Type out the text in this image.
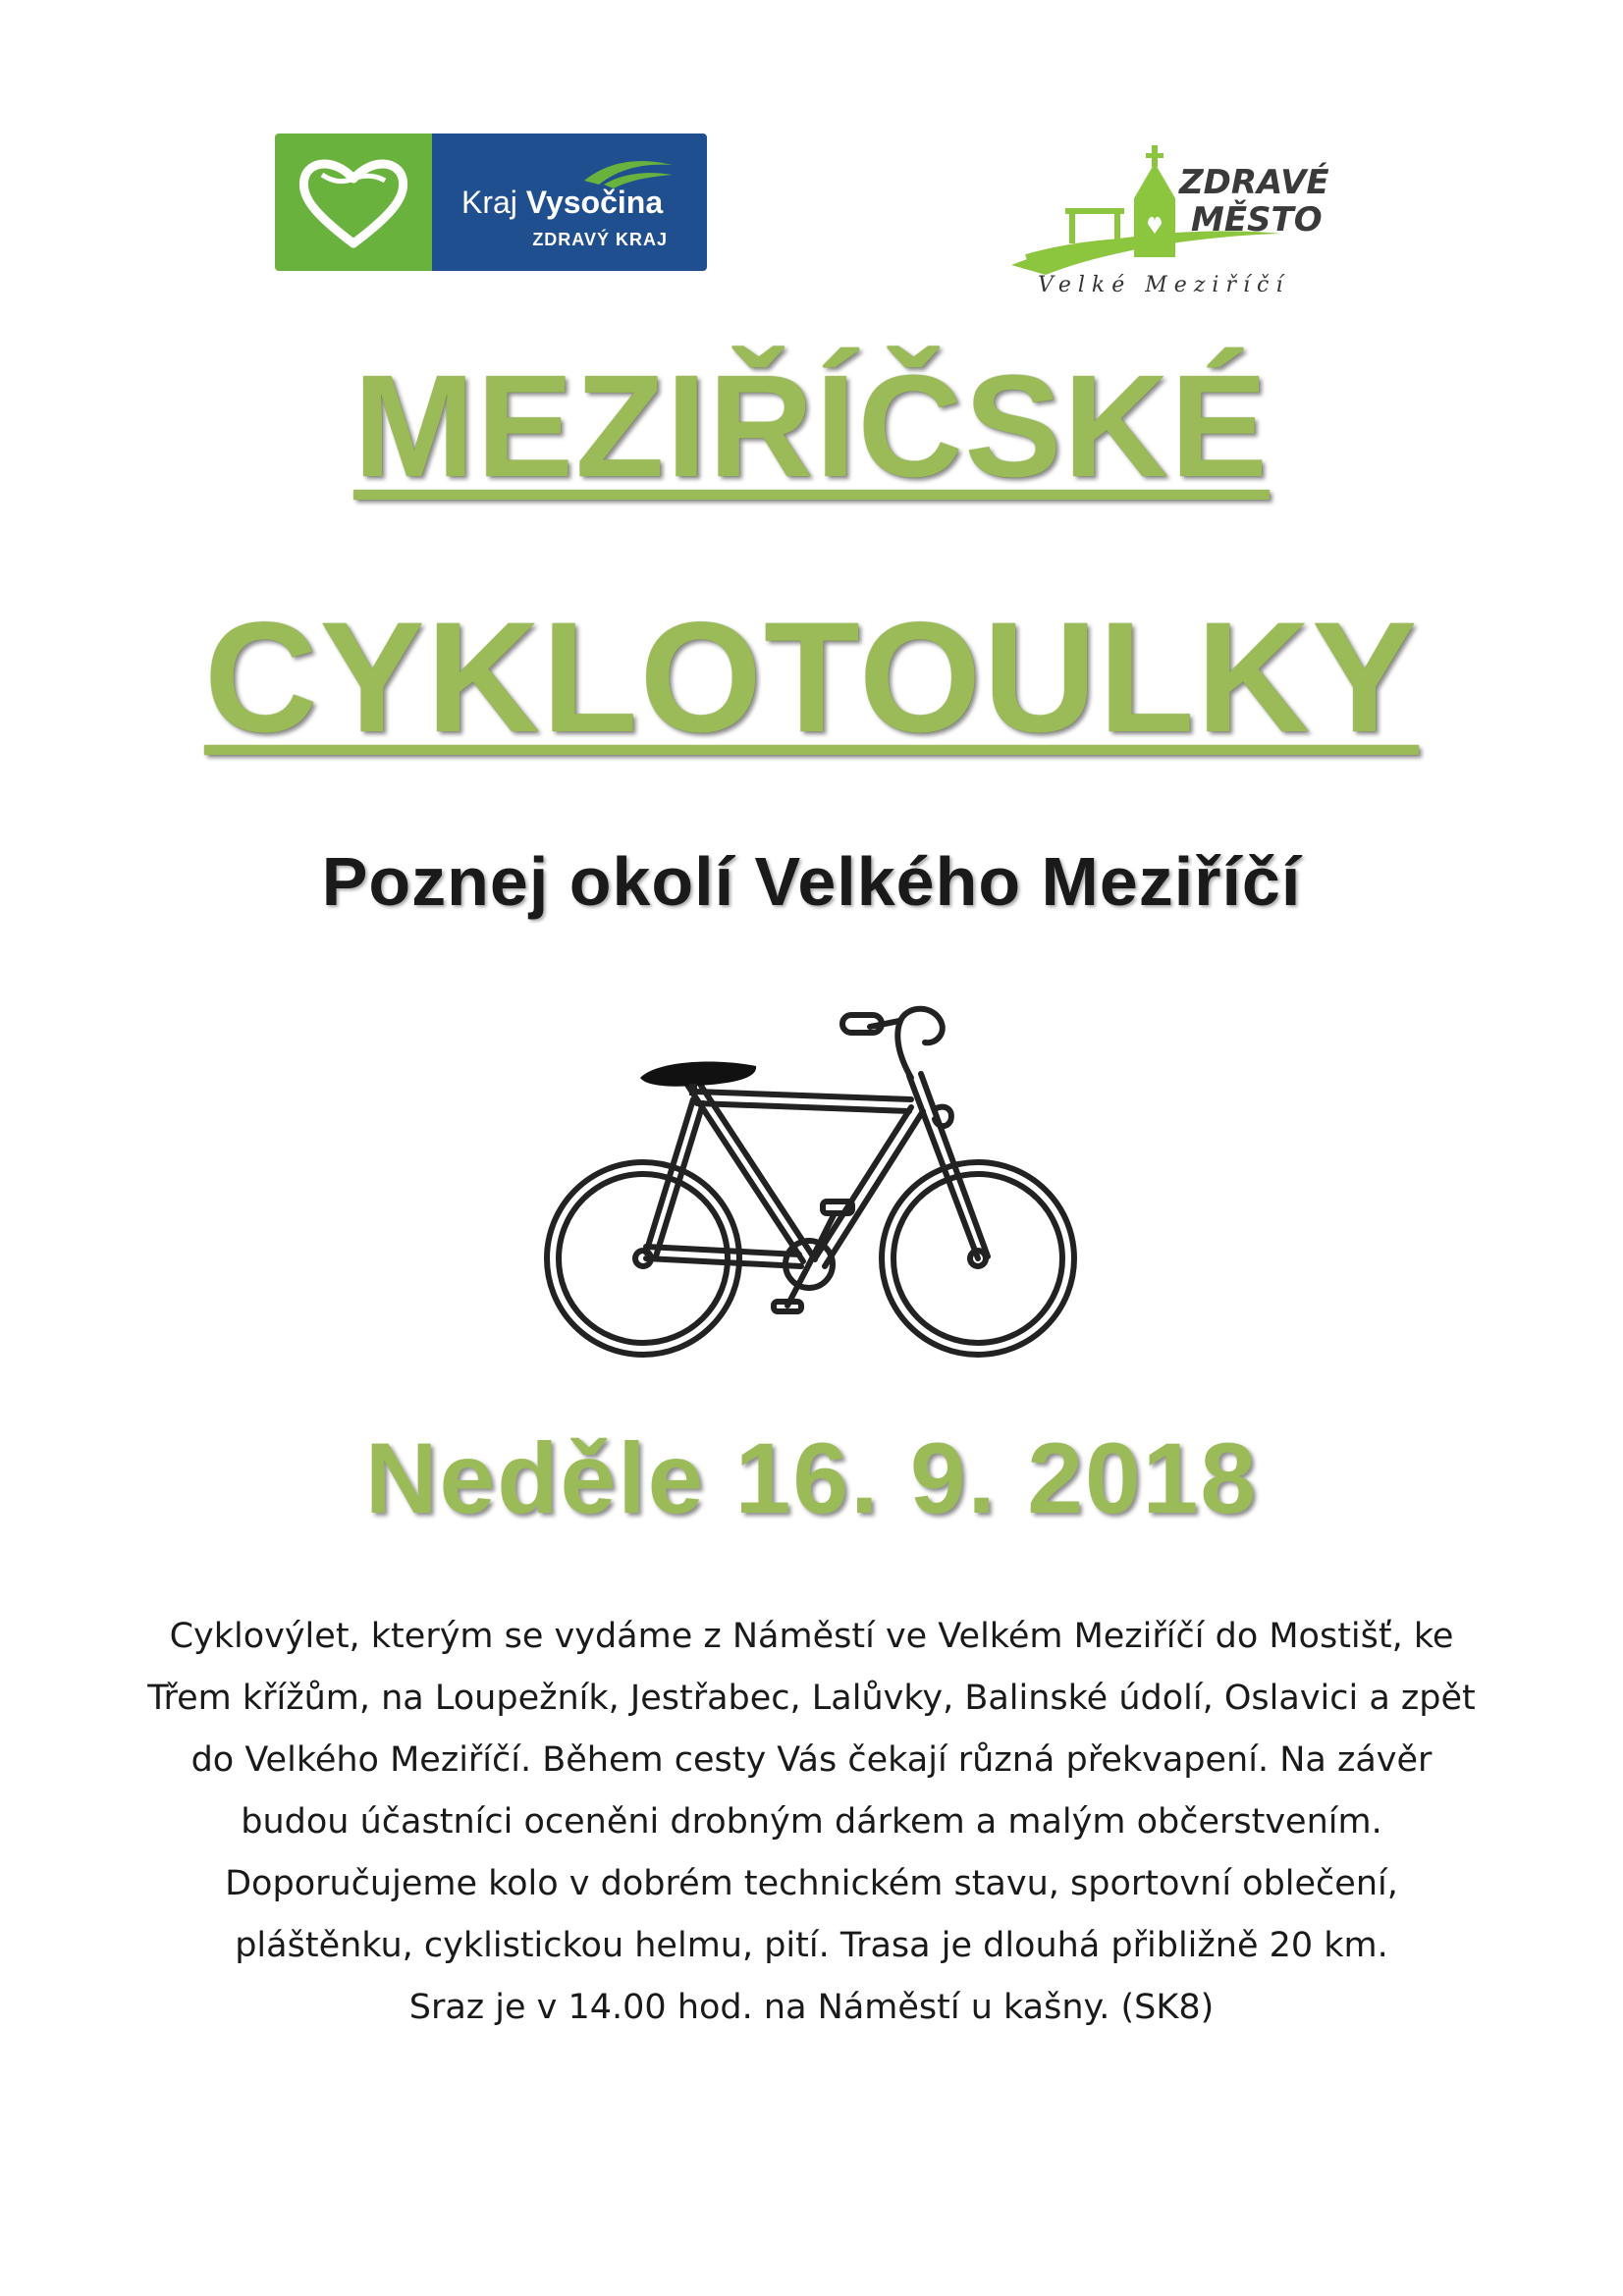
Kraj Vysočina
ZDRAVÝ KRAJ
ZDRAVÉ
MĚSTO
Velké Meziříčí
MEZIŘÍČSKÉ
CYKLOTOULKY
Poznej okolí Velkého Meziříčí
Neděle 16. 9. 2018

Cyklovýlet, kterým se vydáme z Náměstí ve Velkém Meziříčí do Mostišť, ke Třem křížům, na Loupežník, Jestřabec, Lalůvky, Balinské údolí, Oslavici a zpět do Velkého Meziříčí. Během cesty Vás čekají různá překvapení. Na závěr budou účastníci oceněni drobným dárkem a malým občerstvením.

Doporučujeme kolo v dobrém technickém stavu, sportovní oblečení, pláštěnku, cyklistickou helmu, pití. Trasa je dlouhá přibližně 20 km.

Sraz je v 14.00 hod. na Náměstí u kašny. (SK8)
